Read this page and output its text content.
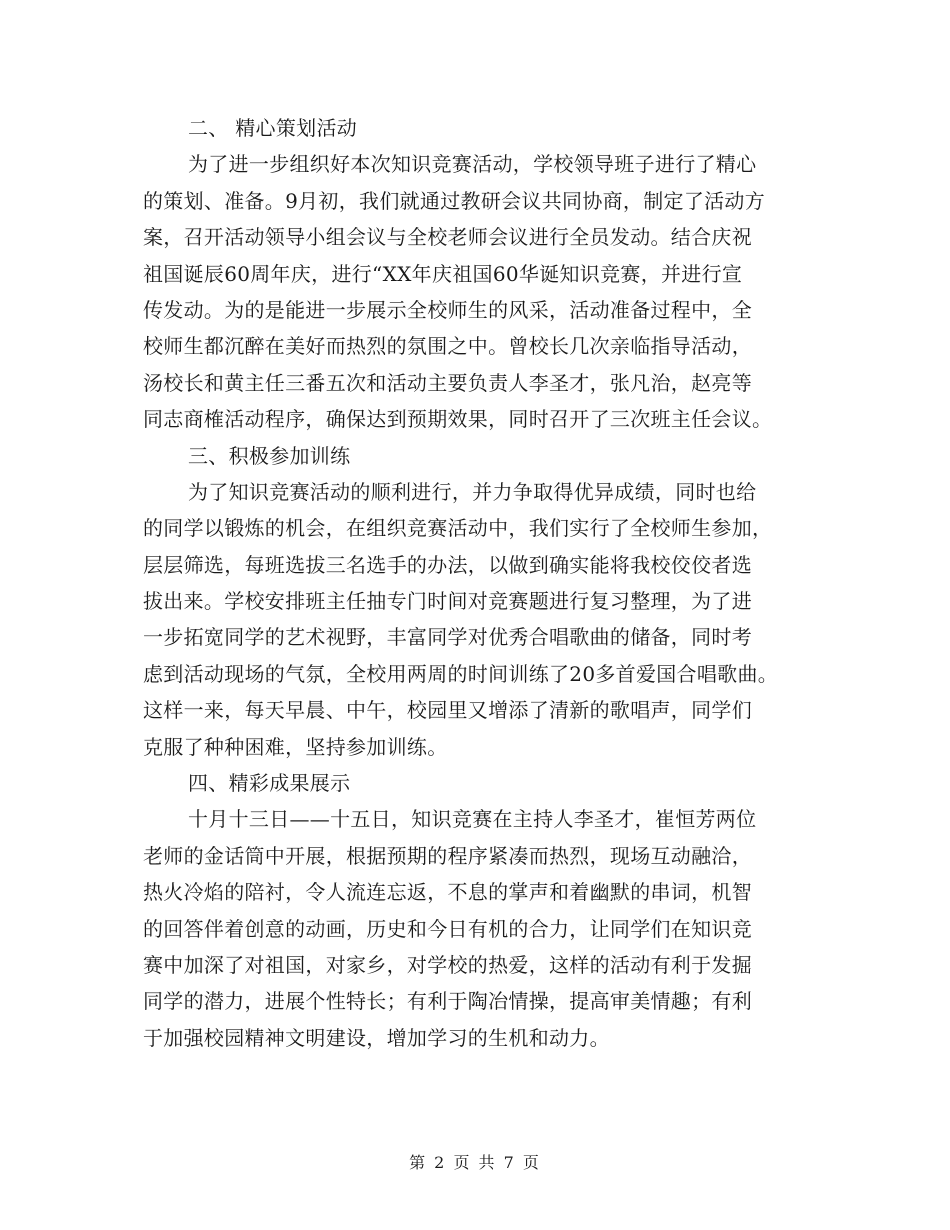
二、 精心策划活动
为了进一步组织好本次知识竞赛活动，学校领导班子进行了精心
的策划、准备。9月初，我们就通过教研会议共同协商，制定了活动方
案，召开活动领导小组会议与全校老师会议进行全员发动。结合庆祝
祖国诞辰60周年庆，进行“XX年庆祖国60华诞知识竞赛，并进行宣
传发动。为的是能进一步展示全校师生的风采，活动准备过程中，全
校师生都沉醉在美好而热烈的氛围之中。曾校长几次亲临指导活动，
汤校长和黄主任三番五次和活动主要负责人李圣才，张凡治，赵亮等
同志商榷活动程序，确保达到预期效果，同时召开了三次班主任会议。
三、积极参加训练
为了知识竞赛活动的顺利进行，并力争取得优异成绩，同时也给
的同学以锻炼的机会，在组织竞赛活动中，我们实行了全校师生参加，
层层筛选，每班选拔三名选手的办法，以做到确实能将我校佼佼者选
拔出来。学校安排班主任抽专门时间对竞赛题进行复习整理，为了进
一步拓宽同学的艺术视野，丰富同学对优秀合唱歌曲的储备，同时考
虑到活动现场的气氛，全校用两周的时间训练了20多首爱国合唱歌曲。
这样一来，每天早晨、中午，校园里又增添了清新的歌唱声，同学们
克服了种种困难，坚持参加训练。
四、精彩成果展示
十月十三日——十五日，知识竞赛在主持人李圣才，崔恒芳两位
老师的金话筒中开展，根据预期的程序紧凑而热烈，现场互动融洽，
热火冷焰的陪衬，令人流连忘返，不息的掌声和着幽默的串词，机智
的回答伴着创意的动画，历史和今日有机的合力，让同学们在知识竞
赛中加深了对祖国，对家乡，对学校的热爱，这样的活动有利于发掘
同学的潜力，进展个性特长；有利于陶冶情操，提高审美情趣；有利
于加强校园精神文明建设，增加学习的生机和动力。
第 2 页 共 7 页
